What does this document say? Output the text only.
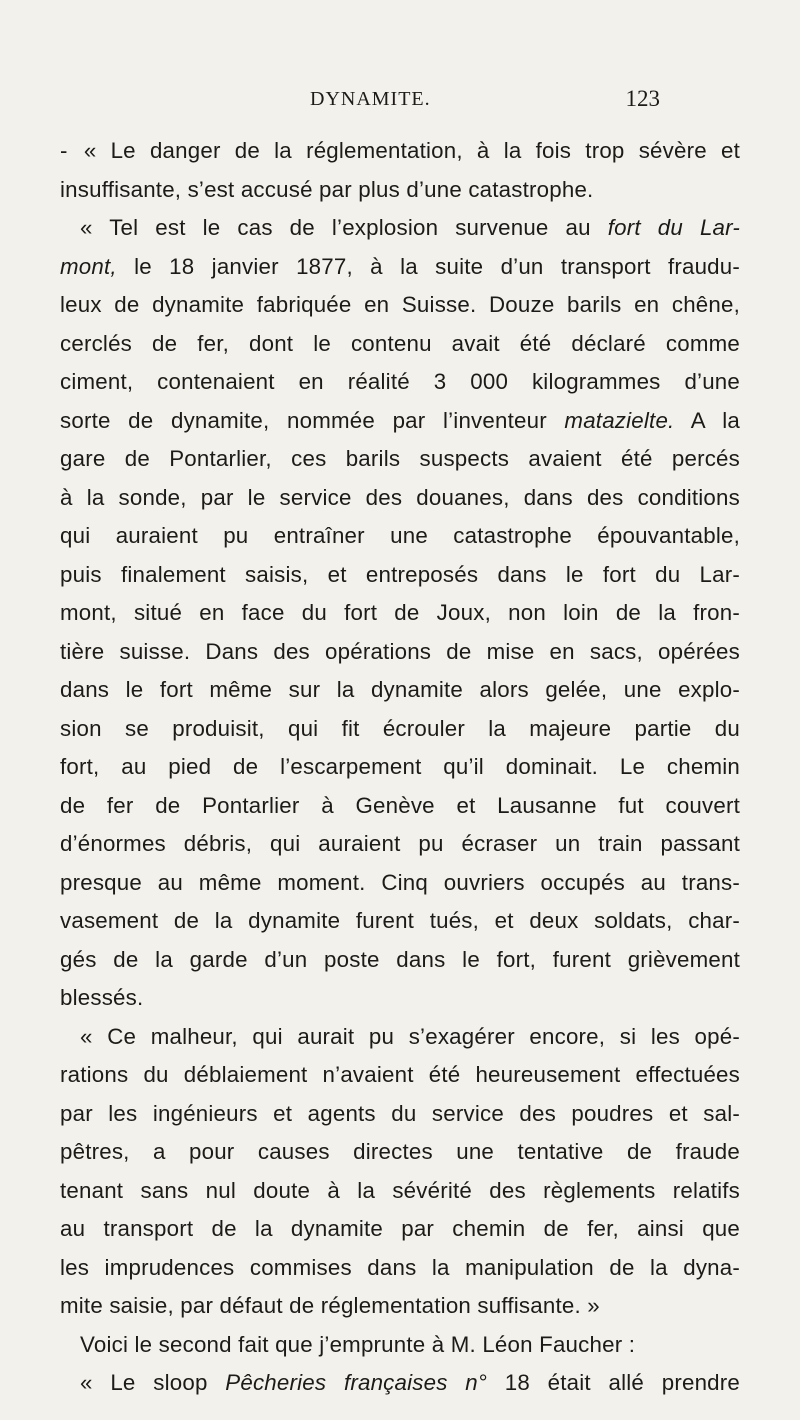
DYNAMITE.	123
- « Le danger de la réglementation, à la fois trop sévère et
insuffisante, s’est accusé par plus d’une catastrophe.
« Tel est le cas de l’explosion survenue au fort du Lar-
mont, le 18 janvier 1877, à la suite d’un transport fraudu-
leux de dynamite fabriquée en Suisse. Douze barils en chêne,
cerclés de fer, dont le contenu avait été déclaré comme
ciment, contenaient en réalité 3 000 kilogrammes d’une
sorte de dynamite, nommée par l’inventeur matazielte. A la
gare de Pontarlier, ces barils suspects avaient été percés
à la sonde, par le service des douanes, dans des conditions
qui auraient pu entraîner une catastrophe épouvantable,
puis finalement saisis, et entreposés dans le fort du Lar-
mont, situé en face du fort de Joux, non loin de la fron-
tière suisse. Dans des opérations de mise en sacs, opérées
dans le fort même sur la dynamite alors gelée, une explo-
sion se produisit, qui fit écrouler la majeure partie du
fort, au pied de l’escarpement qu’il dominait. Le chemin
de fer de Pontarlier à Genève et Lausanne fut couvert
d’énormes débris, qui auraient pu écraser un train passant
presque au même moment. Cinq ouvriers occupés au trans-
vasement de la dynamite furent tués, et deux soldats, char-
gés de la garde d’un poste dans le fort, furent grièvement
blessés.
« Ce malheur, qui aurait pu s’exagérer encore, si les opé-
rations du déblaiement n’avaient été heureusement effectuées
par les ingénieurs et agents du service des poudres et sal-
pêtres, a pour causes directes une tentative de fraude
tenant sans nul doute à la sévérité des règlements relatifs
au transport de la dynamite par chemin de fer, ainsi que
les imprudences commises dans la manipulation de la dyna-
mite saisie, par défaut de réglementation suffisante. »
Voici le second fait que j’emprunte à M. Léon Faucher :
« Le sloop Pêcheries françaises n° 18 était allé prendre
